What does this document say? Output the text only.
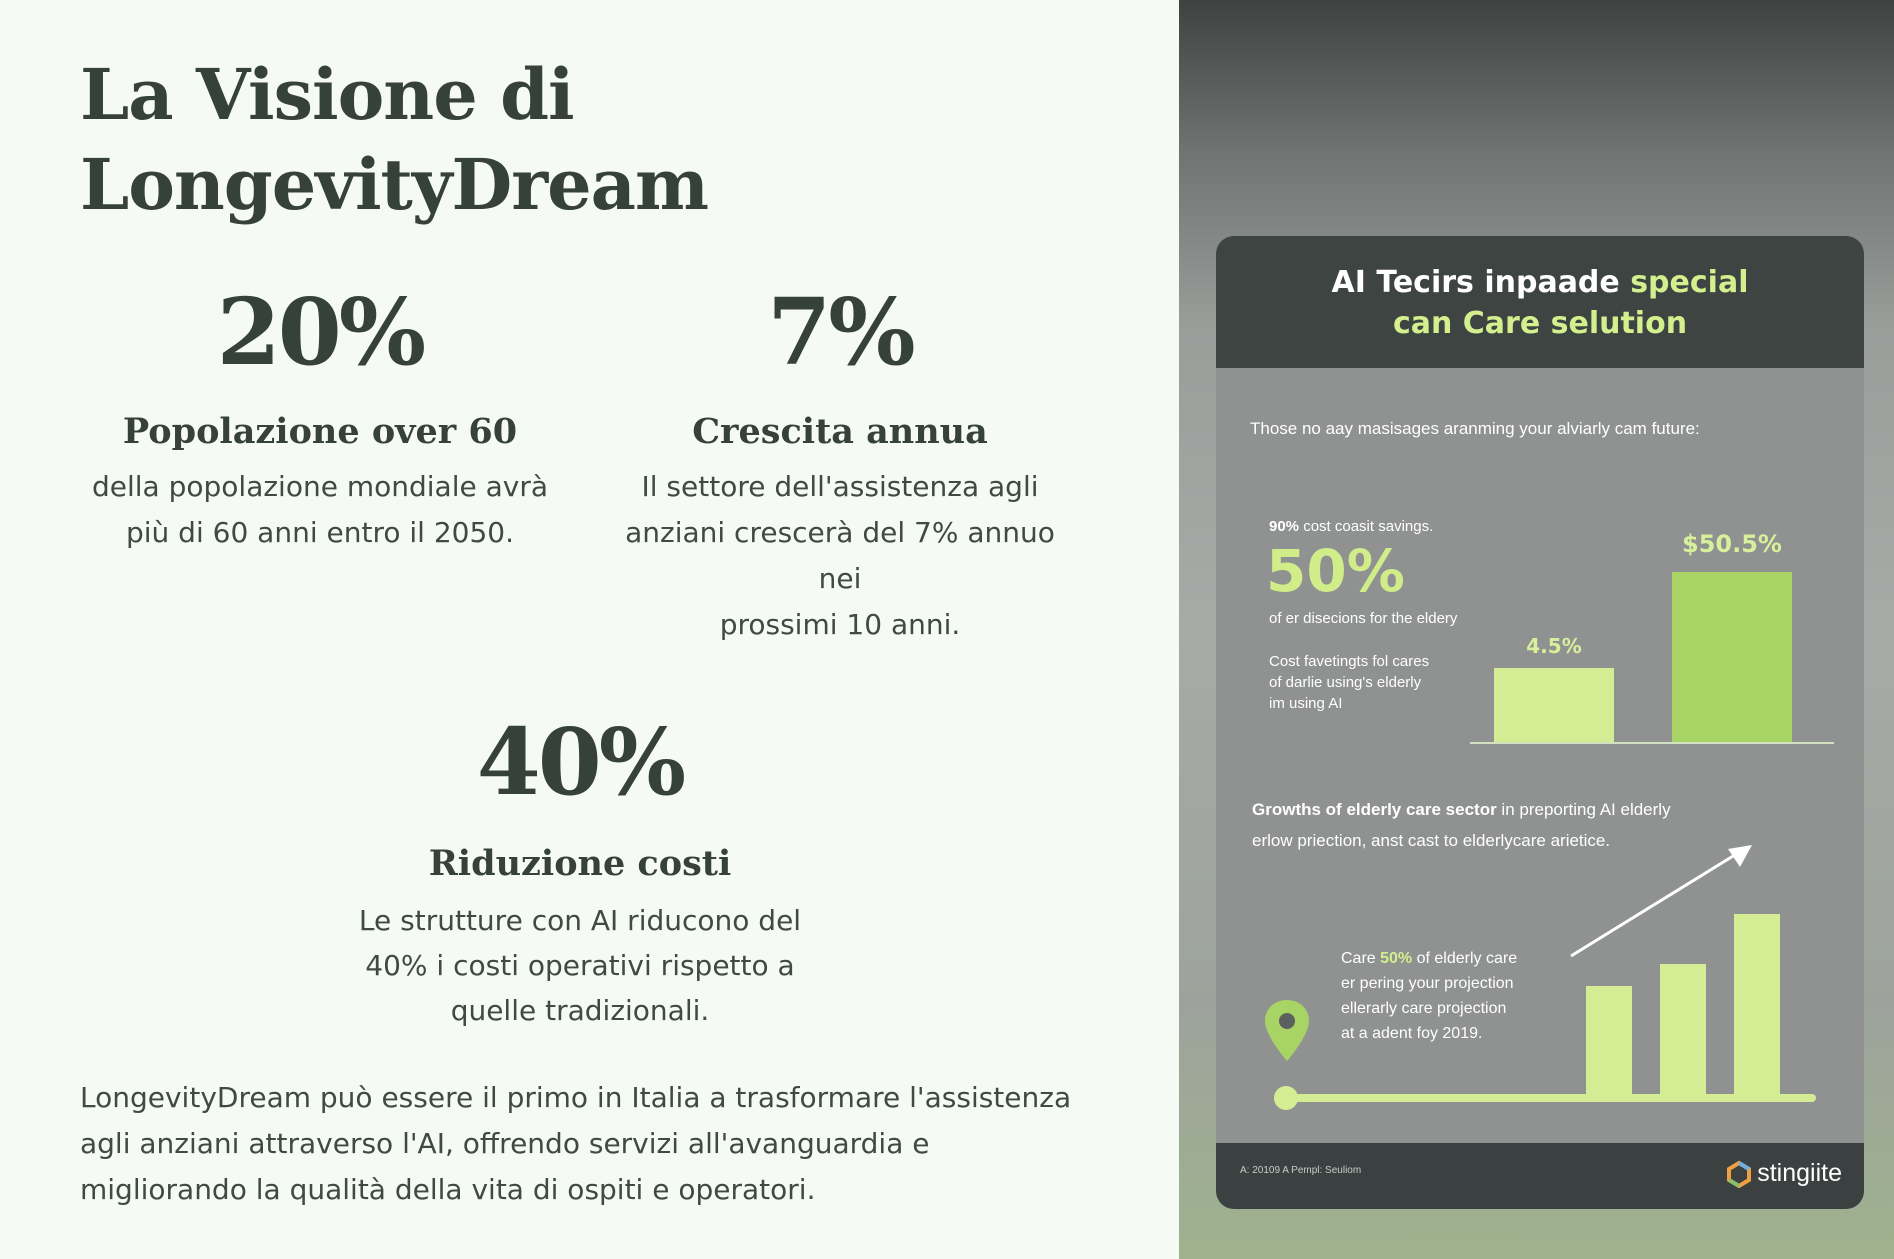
La Visione di
LongevityDream
20%
Popolazione over 60
della popolazione mondiale avrà
più di 60 anni entro il 2050.
7%
Crescita annua
Il settore dell'assistenza agli
anziani crescerà del 7% annuo nei
prossimi 10 anni.
40%
Riduzione costi
Le strutture con AI riducono del
40% i costi operativi rispetto a
quelle tradizionali.

LongevityDream può essere il primo in Italia a trasformare l'assistenza
agli anziani attraverso l'AI, offrendo servizi all'avanguardia e
migliorando la qualità della vita di ospiti e operatori.

AI Tecirs inpaade special
can Care selution
Those no aay masisages aranming your alviarly cam future:
90% cost coasit savings.
50%
of er disecions for the eldery
Cost favetingts fol cares
of darlie using's elderly
im using AI
4.5%
$50.5%
Growths of elderly care sector in preporting AI elderly
erlow priection, anst cast to elderlycare arietice.
Care 50% of elderly care
er pering your projection
ellerarly care projection
at a adent foy 2019.
A: 20109 A Pempl: Seuliom	stingiite
